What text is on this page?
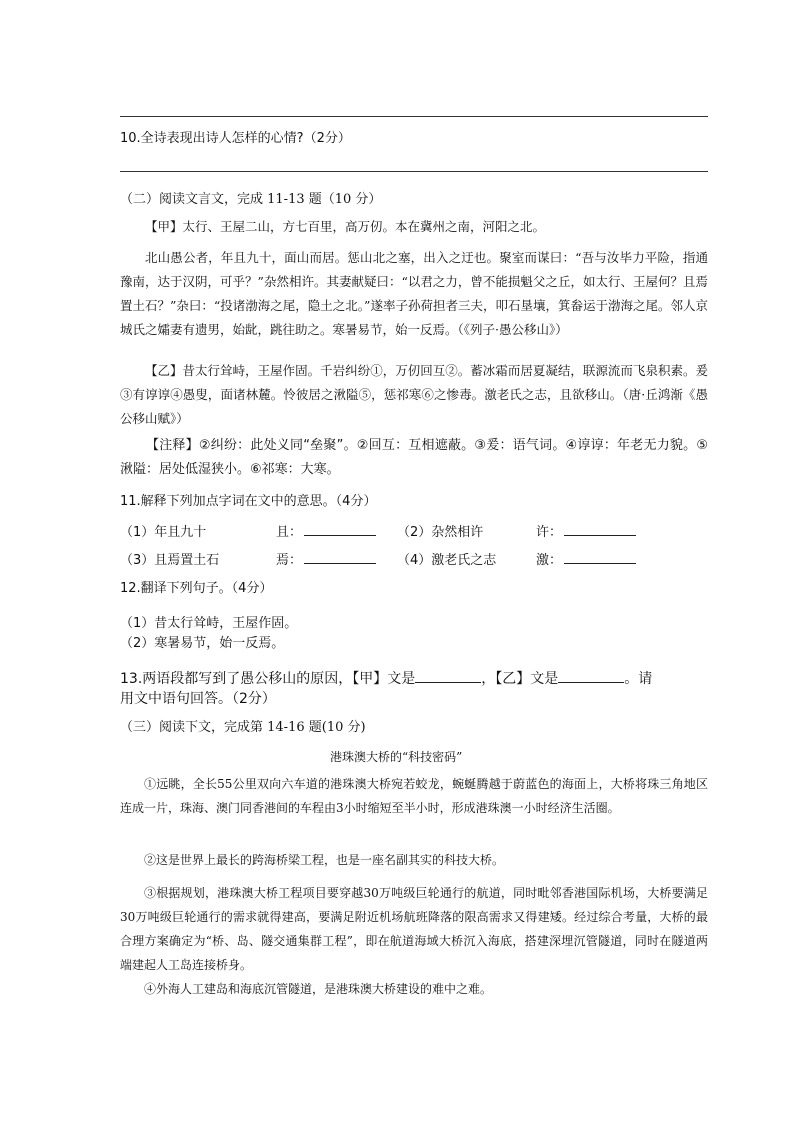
10.全诗表现出诗人怎样的心情?（2分）
（二）阅读文言文，完成 11-13 题（10 分）
【甲】太行、王屋二山，方七百里，高万仞。本在冀州之南，河阳之北。
北山愚公者，年且九十，面山而居。惩山北之塞，出入之迂也。聚室而谋曰：“吾与汝毕力平险，指通豫南，达于汉阴，可乎？”杂然相许。其妻献疑曰：“以君之力，曾不能损魁父之丘，如太行、王屋何？且焉置土石？”杂曰：“投诸渤海之尾，隐土之北。”遂率子孙荷担者三夫，叩石垦壤，箕畚运于渤海之尾。邻人京城氏之孀妻有遗男，始龀，跳往助之。寒暑易节，始一反焉。（《列子·愚公移山》）
【乙】昔太行耸峙，王屋作固。千岩纠纷①，万仞回互②。蓄冰霜而居夏凝结，联源流而飞泉积素。爰③有谆谆④愚叟，面诸林麓。怜彼居之湫隘⑤，惩祁寒⑥之惨毒。激老氏之志，且欲移山。（唐·丘鸿渐《愚公移山赋》）
【注释】②纠纷：此处义同“垒聚”。②回互：互相遮蔽。③爰：语气词。④谆谆：年老无力貌。⑤湫隘：居处低湿狭小。⑥祁寒：大寒。
11.解释下列加点字词在文中的意思。（4分）
（1）年且九十	且：	（2）杂然相许	许：
（3）且焉置土石	焉：	（4）激老氏之志	激：
12.翻译下列句子。（4分）
（1）昔太行耸峙，王屋作固。
（2）寒暑易节，始一反焉。
13.两语段都写到了愚公移山的原因，【甲】文是	，【乙】文是	。请
用文中语句回答。（2分）
（三）阅读下文，完成第 14-16 题(10 分)
港珠澳大桥的“科技密码”
①远眺，全长55公里双向六车道的港珠澳大桥宛若蛟龙，蜿蜒腾越于蔚蓝色的海面上，大桥将珠三角地区连成一片，珠海、澳门同香港间的车程由3小时缩短至半小时，形成港珠澳一小时经济生活圈。
②这是世界上最长的跨海桥梁工程，也是一座名副其实的科技大桥。
③根据规划，港珠澳大桥工程项目要穿越30万吨级巨轮通行的航道，同时毗邻香港国际机场，大桥要满足30万吨级巨轮通行的需求就得建高，要满足附近机场航班降落的限高需求又得建矮。经过综合考量，大桥的最合理方案确定为“桥、岛、隧交通集群工程”，即在航道海域大桥沉入海底，搭建深埋沉管隧道，同时在隧道两端建起人工岛连接桥身。
④外海人工建岛和海底沉管隧道，是港珠澳大桥建设的难中之难。
